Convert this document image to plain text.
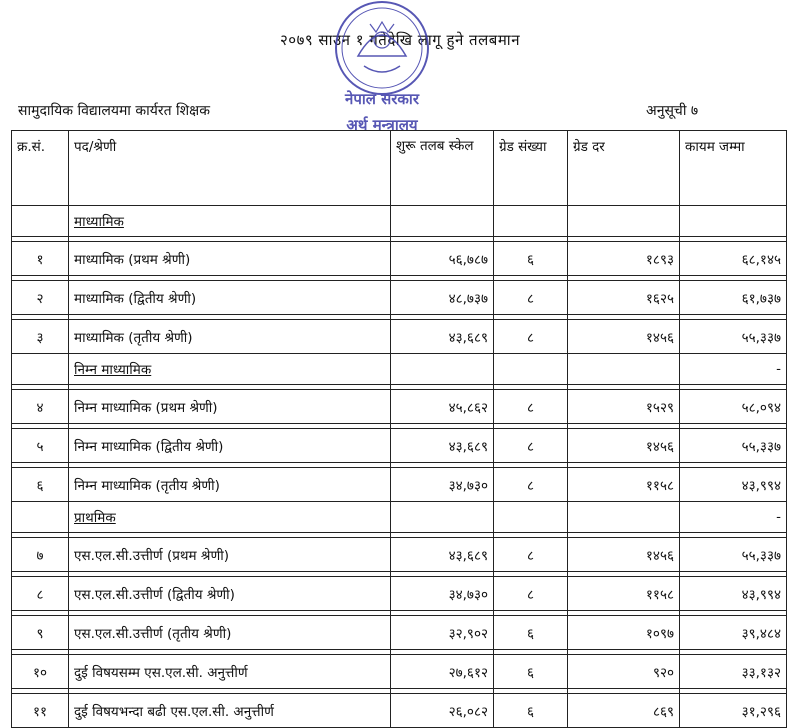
२०७९ साउन १ गतेदेखि लागू हुने तलबमान
नेपाल सरकार
अर्थ मन्त्रालय
सामुदायिक विद्यालयमा कार्यरत शिक्षक	अनुसूची ७
क्र.सं.	पद/श्रेणी	शुरू तलब स्केल	ग्रेड संख्या	ग्रेड दर	कायम जम्मा
	माध्यामिक				

१	माध्यामिक (प्रथम श्रेणी)	५६,७८७	६	१८९३	६८,१४५

२	माध्यामिक (द्वितीय श्रेणी)	४८,७३७	८	१६२५	६१,७३७

३	माध्यामिक (तृतीय श्रेणी)	४३,६८९	८	१४५६	५५,३३७
	निम्न माध्यामिक				-

४	निम्न माध्यामिक (प्रथम श्रेणी)	४५,८६२	८	१५२९	५८,०९४

५	निम्न माध्यामिक (द्वितीय श्रेणी)	४३,६८९	८	१४५६	५५,३३७

६	निम्न माध्यामिक (तृतीय श्रेणी)	३४,७३०	८	११५८	४३,९९४
	प्राथमिक				-

७	एस.एल.सी.उत्तीर्ण (प्रथम श्रेणी)	४३,६८९	८	१४५६	५५,३३७

८	एस.एल.सी.उत्तीर्ण (द्वितीय श्रेणी)	३४,७३०	८	११५८	४३,९९४

९	एस.एल.सी.उत्तीर्ण (तृतीय श्रेणी)	३२,९०२	६	१०९७	३९,४८४

१०	दुई विषयसम्म एस.एल.सी. अनुत्तीर्ण	२७,६१२	६	९२०	३३,१३२

११	दुई विषयभन्दा बढी एस.एल.सी. अनुत्तीर्ण	२६,०८२	६	८६९	३१,२९६
